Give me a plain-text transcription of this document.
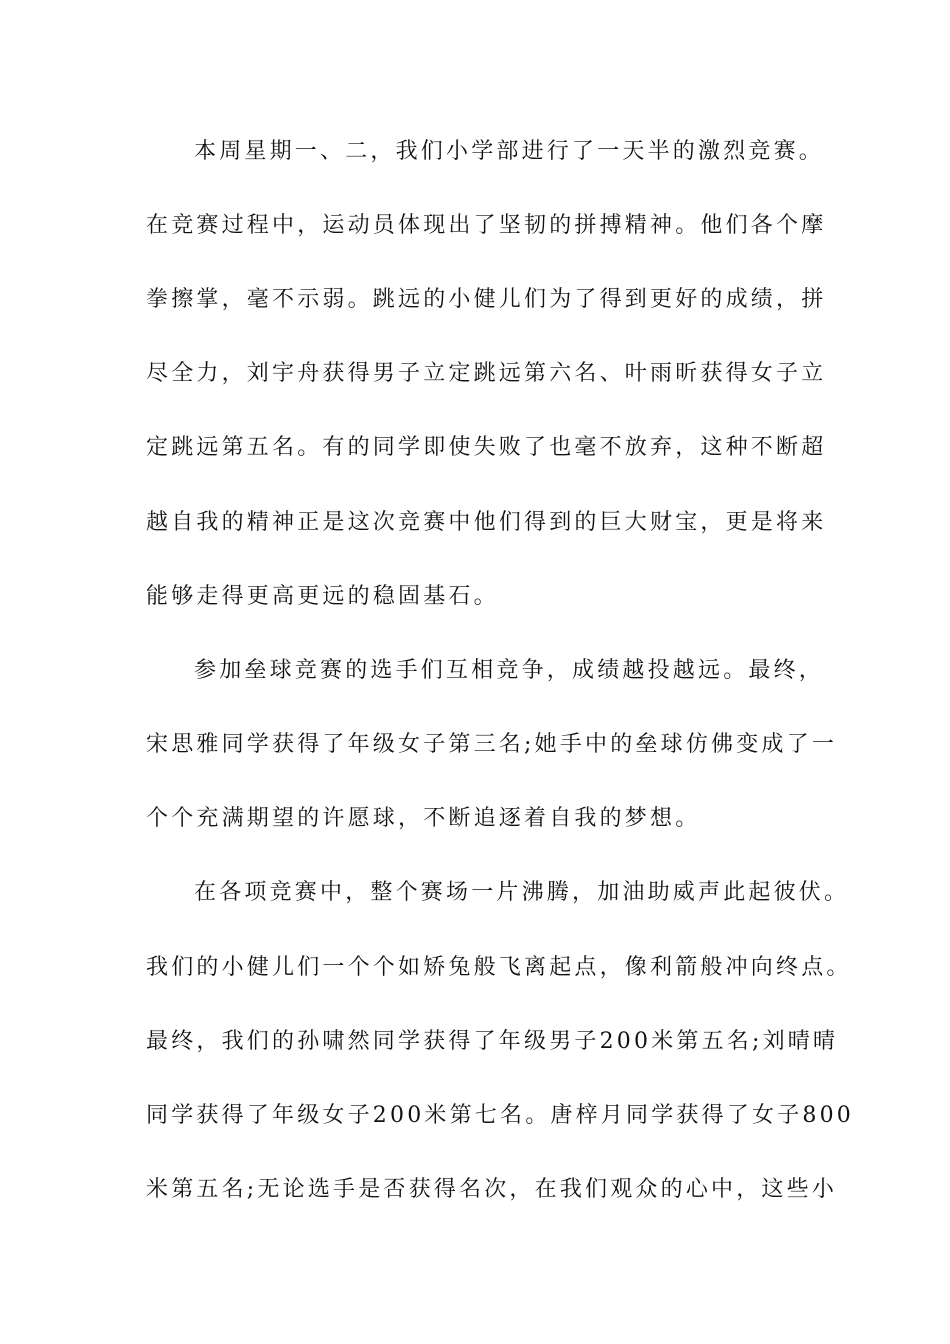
本周星期一、二，我们小学部进行了一天半的激烈竞赛。
在竞赛过程中，运动员体现出了坚韧的拼搏精神。他们各个摩
拳擦掌，毫不示弱。跳远的小健儿们为了得到更好的成绩，拼
尽全力，刘宇舟获得男子立定跳远第六名、叶雨昕获得女子立
定跳远第五名。有的同学即使失败了也毫不放弃，这种不断超
越自我的精神正是这次竞赛中他们得到的巨大财宝，更是将来
能够走得更高更远的稳固基石。
参加垒球竞赛的选手们互相竞争，成绩越投越远。最终，
宋思雅同学获得了年级女子第三名;她手中的垒球仿佛变成了一
个个充满期望的许愿球，不断追逐着自我的梦想。
在各项竞赛中，整个赛场一片沸腾，加油助威声此起彼伏。
我们的小健儿们一个个如矫兔般飞离起点，像利箭般冲向终点。
最终，我们的孙啸然同学获得了年级男子200米第五名;刘晴晴
同学获得了年级女子200米第七名。唐梓月同学获得了女子800
米第五名;无论选手是否获得名次，在我们观众的心中，这些小
